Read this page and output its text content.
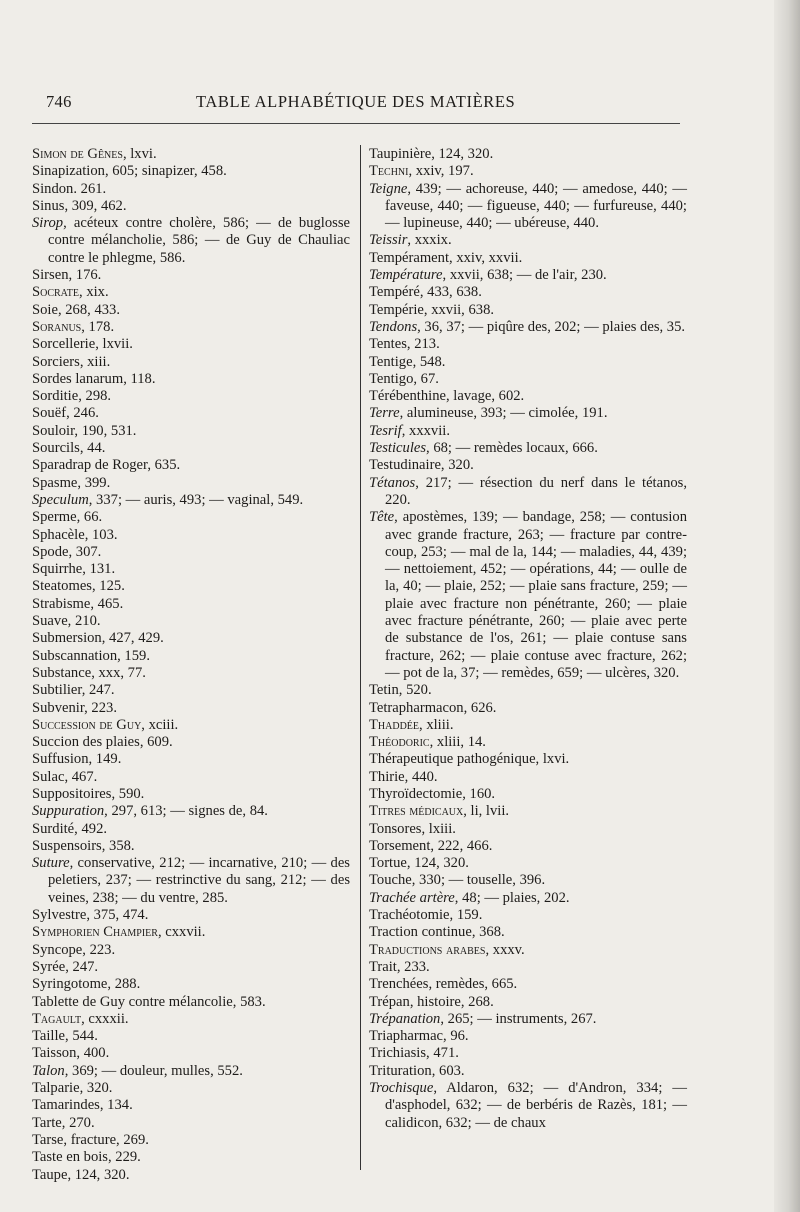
746	TABLE ALPHABÉTIQUE DES MATIÈRES

Simon de Gênes, lxvi.

Sinapization, 605; sinapizer, 458.

Sindon. 261.

Sinus, 309, 462.

Sirop, acéteux contre cholère, 586; — de buglosse contre mélancholie, 586; — de Guy de Chauliac contre le phlegme, 586.

Sirsen, 176.

Socrate, xix.

Soie, 268, 433.

Soranus, 178.

Sorcellerie, lxvii.

Sorciers, xiii.

Sordes lanarum, 118.

Sorditie, 298.

Souëf, 246.

Souloir, 190, 531.

Sourcils, 44.

Sparadrap de Roger, 635.

Spasme, 399.

Speculum, 337; — auris, 493; — vaginal, 549.

Sperme, 66.

Sphacèle, 103.

Spode, 307.

Squirrhe, 131.

Steatomes, 125.

Strabisme, 465.

Suave, 210.

Submersion, 427, 429.

Subscannation, 159.

Substance, xxx, 77.

Subtilier, 247.

Subvenir, 223.

Succession de Guy, xciii.

Succion des plaies, 609.

Suffusion, 149.

Sulac, 467.

Suppositoires, 590.

Suppuration, 297, 613; — signes de, 84.

Surdité, 492.

Suspensoirs, 358.

Suture, conservative, 212; — incarnative, 210; — des peletiers, 237; — restrinctive du sang, 212; — des veines, 238; — du ventre, 285.

Sylvestre, 375, 474.

Symphorien Champier, cxxvii.

Syncope, 223.

Syrée, 247.

Syringotome, 288.

Tablette de Guy contre mélancolie, 583.

Tagault, cxxxii.

Taille, 544.

Taisson, 400.

Talon, 369; — douleur, mulles, 552.

Talparie, 320.

Tamarindes, 134.

Tarte, 270.

Tarse, fracture, 269.

Taste en bois, 229.

Taupe, 124, 320.

Taupinière, 124, 320.

Techni, xxiv, 197.

Teigne, 439; — achoreuse, 440; — amedose, 440; — faveuse, 440; — figueuse, 440; — furfureuse, 440; — lupineuse, 440; — ubéreuse, 440.

Teissir, xxxix.

Tempérament, xxiv, xxvii.

Température, xxvii, 638; — de l'air, 230.

Tempéré, 433, 638.

Tempérie, xxvii, 638.

Tendons, 36, 37; — piqûre des, 202; — plaies des, 35.

Tentes, 213.

Tentige, 548.

Tentigo, 67.

Térébenthine, lavage, 602.

Terre, alumineuse, 393; — cimolée, 191.

Tesrif, xxxvii.

Testicules, 68; — remèdes locaux, 666.

Testudinaire, 320.

Tétanos, 217; — résection du nerf dans le tétanos, 220.

Tête, apostèmes, 139; — bandage, 258; — contusion avec grande fracture, 263; — fracture par contre-coup, 253; — mal de la, 144; — maladies, 44, 439; — nettoiement, 452; — opérations, 44; — oulle de la, 40; — plaie, 252; — plaie sans fracture, 259; — plaie avec fracture non pénétrante, 260; — plaie avec fracture pénétrante, 260; — plaie avec perte de substance de l'os, 261; — plaie contuse sans fracture, 262; — plaie contuse avec fracture, 262; — pot de la, 37; — remèdes, 659; — ulcères, 320.

Tetin, 520.

Tetrapharmacon, 626.

Thaddée, xliii.

Théodoric, xliii, 14.

Thérapeutique pathogénique, lxvi.

Thirie, 440.

Thyroïdectomie, 160.

Titres médicaux, li, lvii.

Tonsores, lxiii.

Torsement, 222, 466.

Tortue, 124, 320.

Touche, 330; — touselle, 396.

Trachée artère, 48; — plaies, 202.

Trachéotomie, 159.

Traction continue, 368.

Traductions arabes, xxxv.

Trait, 233.

Trenchées, remèdes, 665.

Trépan, histoire, 268.

Trépanation, 265; — instruments, 267.

Triapharmac, 96.

Trichiasis, 471.

Trituration, 603.

Trochisque, Aldaron, 632; — d'Andron, 334; — d'asphodel, 632; — de berbéris de Razès, 181; — calidicon, 632; — de chaux
